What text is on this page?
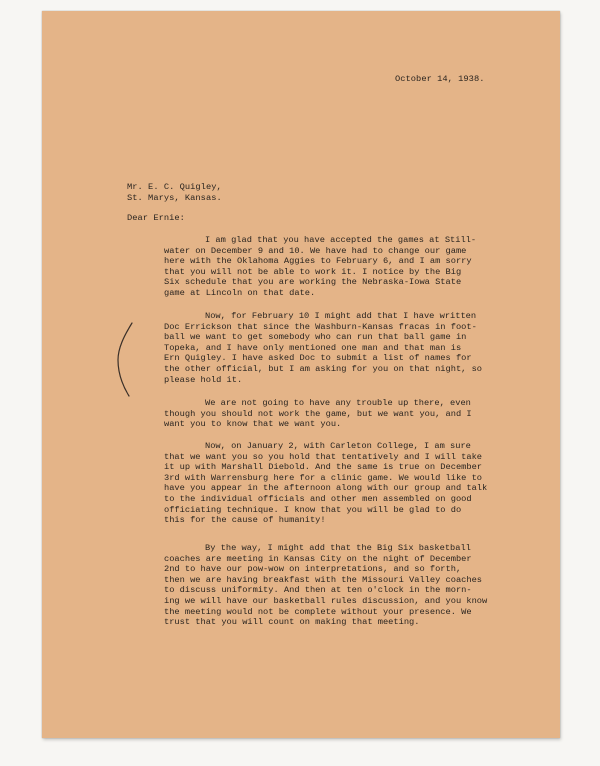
October 14, 1938.
Mr. E. C. Quigley,
St. Marys, Kansas.
Dear Ernie:
I am glad that you have accepted the games at Still-
water on December 9 and 10. We have had to change our game
here with the Oklahoma Aggies to February 6, and I am sorry
that you will not be able to work it. I notice by the Big
Six schedule that you are working the Nebraska-Iowa State
game at Lincoln on that date.
Now, for February 10 I might add that I have written
Doc Errickson that since the Washburn-Kansas fracas in foot-
ball we want to get somebody who can run that ball game in
Topeka, and I have only mentioned one man and that man is
Ern Quigley. I have asked Doc to submit a list of names for
the other official, but I am asking for you on that night, so
please hold it.
We are not going to have any trouble up there, even
though you should not work the game, but we want you, and I
want you to know that we want you.
Now, on January 2, with Carleton College, I am sure
that we want you so you hold that tentatively and I will take
it up with Marshall Diebold. And the same is true on December
3rd with Warrensburg here for a clinic game. We would like to
have you appear in the afternoon along with our group and talk
to the individual officials and other men assembled on good
officiating technique. I know that you will be glad to do
this for the cause of humanity!
By the way, I might add that the Big Six basketball
coaches are meeting in Kansas City on the night of December
2nd to have our pow-wow on interpretations, and so forth,
then we are having breakfast with the Missouri Valley coaches
to discuss uniformity. And then at ten o'clock in the morn-
ing we will have our basketball rules discussion, and you know
the meeting would not be complete without your presence. We
trust that you will count on making that meeting.
